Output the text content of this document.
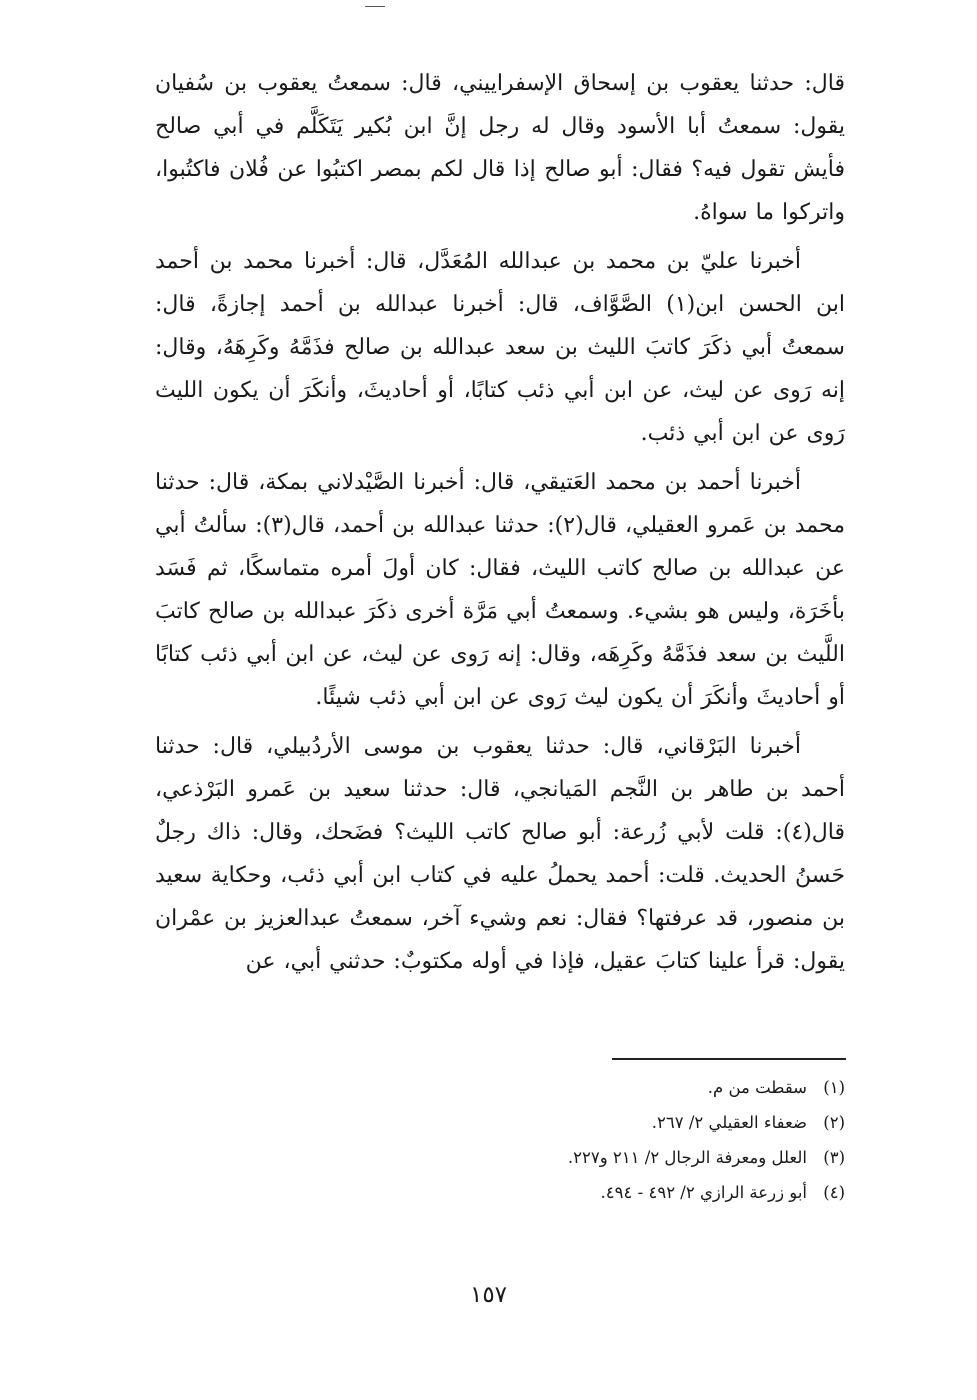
قال: حدثنا يعقوب بن إسحاق الإسفراييني، قال: سمعتُ يعقوب بن سُفيان يقول: سمعتُ أبا الأسود وقال له رجل إنَّ ابن بُكير يَتَكَلَّم في أبي صالح فأيش تقول فيه؟ فقال: أبو صالح إذا قال لكم بمصر اكتبُوا عن فُلان فاكتُبوا، واتركوا ما سواهُ.

أخبرنا عليّ بن محمد بن عبدالله المُعَدَّل، قال: أخبرنا محمد بن أحمد ابن الحسن ابن(١) الصَّوَّاف، قال: أخبرنا عبدالله بن أحمد إجازةً، قال: سمعتُ أبي ذكَرَ كاتبَ الليث بن سعد عبدالله بن صالح فذَمَّهُ وكَرِهَهُ، وقال: إنه رَوى عن ليث، عن ابن أبي ذئب كتابًا، أو أحاديثَ، وأنكَرَ أن يكون الليث رَوى عن ابن أبي ذئب.

أخبرنا أحمد بن محمد العَتيقي، قال: أخبرنا الصَّيْدلاني بمكة، قال: حدثنا محمد بن عَمرو العقيلي، قال(٢): حدثنا عبدالله بن أحمد، قال(٣): سألتُ أبي عن عبدالله بن صالح كاتب الليث، فقال: كان أولَ أمره متماسكًا، ثم فَسَد بأخَرَة، وليس هو بشيء. وسمعتُ أبي مَرَّة أخرى ذكَرَ عبدالله بن صالح كاتبَ اللَّيث بن سعد فذَمَّهُ وكَرِهَه، وقال: إنه رَوى عن ليث، عن ابن أبي ذئب كتابًا أو أحاديثَ وأنكَرَ أن يكون ليث رَوى عن ابن أبي ذئب شيئًا.

أخبرنا البَرْقاني، قال: حدثنا يعقوب بن موسى الأردُبيلي، قال: حدثنا أحمد بن طاهر بن النَّجم المَيانجي، قال: حدثنا سعيد بن عَمرو البَرْذعي، قال(٤): قلت لأبي زُرعة: أبو صالح كاتب الليث؟ فضَحك، وقال: ذاك رجلٌ حَسنُ الحديث. قلت: أحمد يحملُ عليه في كتاب ابن أبي ذئب، وحكاية سعيد بن منصور، قد عرفتها؟ فقال: نعم وشيء آخر، سمعتُ عبدالعزيز بن عمْران يقول: قرأ علينا كتابَ عقيل، فإذا في أوله مكتوبٌ: حدثني أبي، عن

(١)سقطت من م.
(٢)ضعفاء العقيلي ٢/ ٢٦٧.
(٣)العلل ومعرفة الرجال ٢/ ٢١١ و٢٢٧.
(٤)أبو زرعة الرازي ٢/ ٤٩٢ - ٤٩٤.
١٥٧
